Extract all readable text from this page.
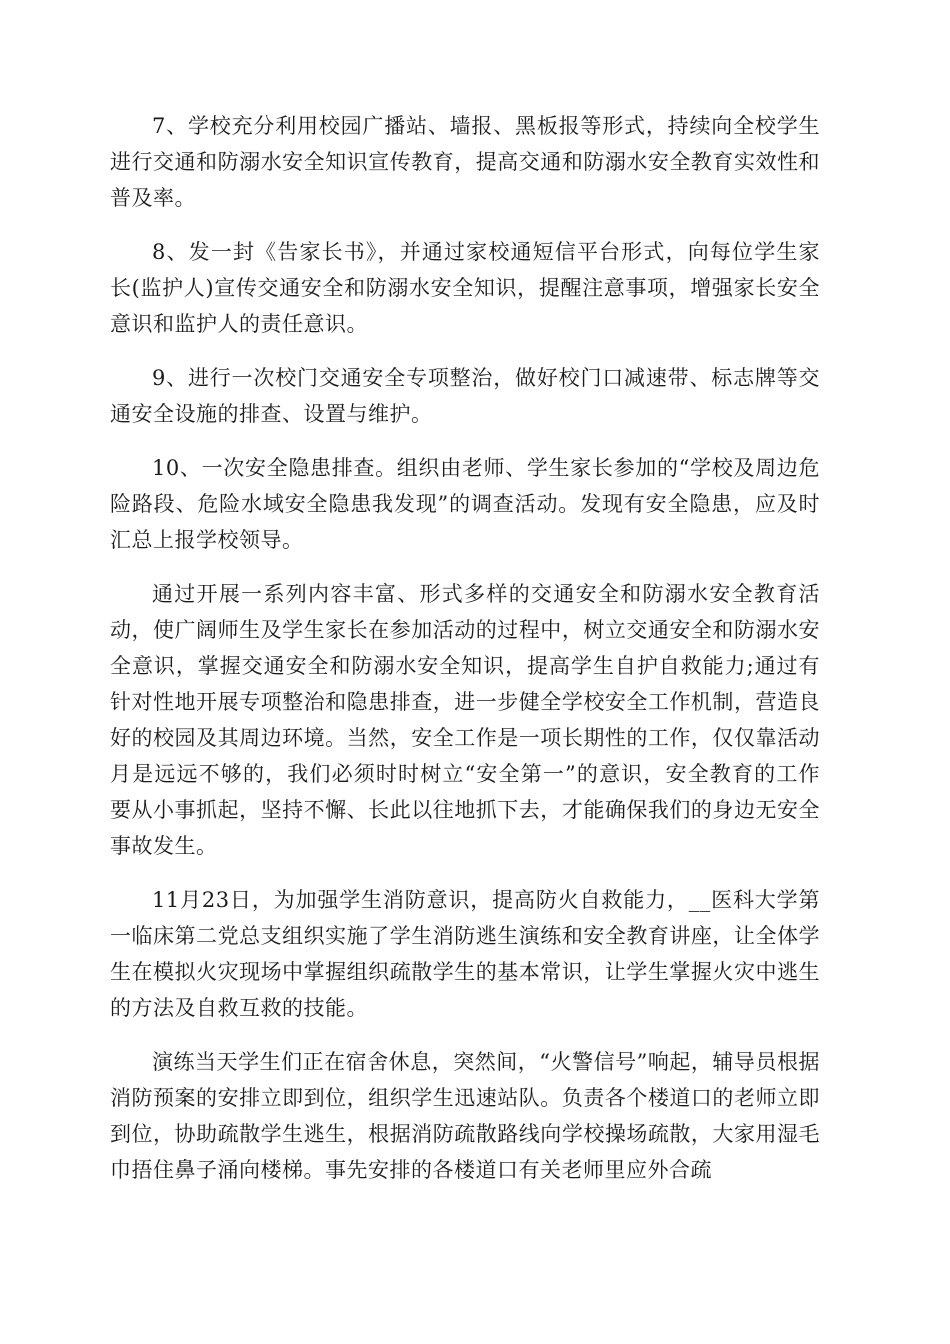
7、学校充分利用校园广播站、墙报、黑板报等形式，持续向全校学生进行交通和防溺水安全知识宣传教育，提高交通和防溺水安全教育实效性和普及率。

8、发一封《告家长书》，并通过家校通短信平台形式，向每位学生家长(监护人)宣传交通安全和防溺水安全知识，提醒注意事项，增强家长安全意识和监护人的责任意识。

9、进行一次校门交通安全专项整治，做好校门口减速带、标志牌等交通安全设施的排查、设置与维护。

10、一次安全隐患排查。组织由老师、学生家长参加的“学校及周边危险路段、危险水域安全隐患我发现”的调查活动。发现有安全隐患，应及时汇总上报学校领导。

通过开展一系列内容丰富、形式多样的交通安全和防溺水安全教育活动，使广阔师生及学生家长在参加活动的过程中，树立交通安全和防溺水安全意识，掌握交通安全和防溺水安全知识，提高学生自护自救能力;通过有针对性地开展专项整治和隐患排查，进一步健全学校安全工作机制，营造良好的校园及其周边环境。当然，安全工作是一项长期性的工作，仅仅靠活动月是远远不够的，我们必须时时树立“安全第一”的意识，安全教育的工作要从小事抓起，坚持不懈、长此以往地抓下去，才能确保我们的身边无安全事故发生。

11月23日，为加强学生消防意识，提高防火自救能力，__医科大学第一临床第二党总支组织实施了学生消防逃生演练和安全教育讲座，让全体学生在模拟火灾现场中掌握组织疏散学生的基本常识，让学生掌握火灾中逃生的方法及自救互救的技能。

演练当天学生们正在宿舍休息，突然间，“火警信号”响起，辅导员根据消防预案的安排立即到位，组织学生迅速站队。负责各个楼道口的老师立即到位，协助疏散学生逃生，根据消防疏散路线向学校操场疏散，大家用湿毛巾捂住鼻子涌向楼梯。事先安排的各楼道口有关老师里应外合疏
